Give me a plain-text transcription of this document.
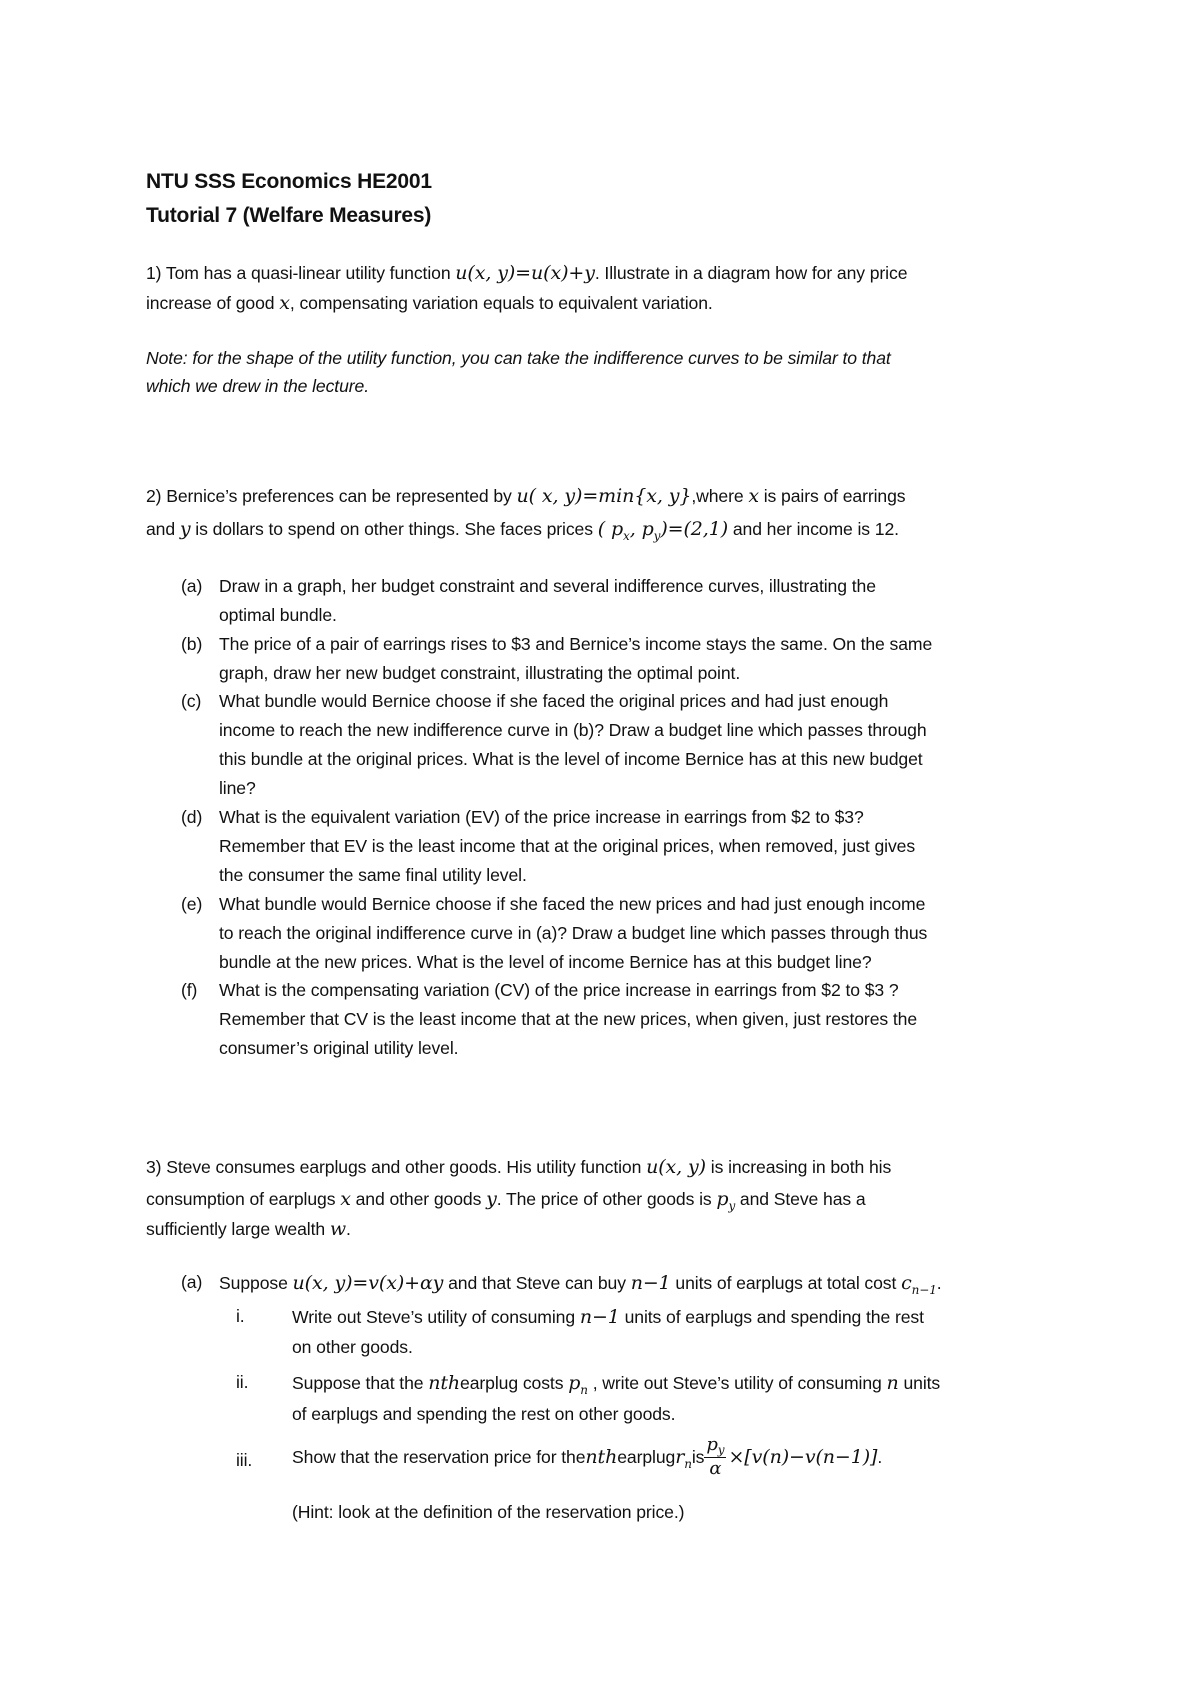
NTU SSS Economics HE2001
Tutorial 7 (Welfare Measures)
1) Tom has a quasi-linear utility function u(x, y)=u(x)+y. Illustrate in a diagram how for any price
increase of good x, compensating variation equals to equivalent variation.
Note: for the shape of the utility function, you can take the indifference curves to be similar to that
which we drew in the lecture.
2) Bernice’s preferences can be represented by u( x, y)=min{x, y},where x is pairs of earrings
and y is dollars to spend on other things. She faces prices ( $p_x$, $p_y)=(2,1)$ and her income is 12.
(a) Draw in a graph, her budget constraint and several indifference curves, illustrating the
optimal bundle.
(b) The price of a pair of earrings rises to $3 and Bernice’s income stays the same. On the same
graph, draw her new budget constraint, illustrating the optimal point.
(c) What bundle would Bernice choose if she faced the original prices and had just enough
income to reach the new indifference curve in (b)? Draw a budget line which passes through
this bundle at the original prices. What is the level of income Bernice has at this new budget
line?
(d) What is the equivalent variation (EV) of the price increase in earrings from $2 to $3?
Remember that EV is the least income that at the original prices, when removed, just gives
the consumer the same final utility level.
(e) What bundle would Bernice choose if she faced the new prices and had just enough income
to reach the original indifference curve in (a)? Draw a budget line which passes through thus
bundle at the new prices. What is the level of income Bernice has at this budget line?
(f) What is the compensating variation (CV) of the price increase in earrings from $2 to $3 ?
Remember that CV is the least income that at the new prices, when given, just restores the
consumer’s original utility level.
3) Steve consumes earplugs and other goods. His utility function u(x, y) is increasing in both his
consumption of earplugs x and other goods y. The price of other goods is $p_y$ and Steve has a
sufficiently large wealth w.
(a) Suppose u(x, y)=v(x)+αy and that Steve can buy n−1 units of earplugs at total cost $c_{n-1}$.
i.	Write out Steve’s utility of consuming n−1 units of earplugs and spending the rest
on other goods.
ii. Suppose that the nthearplug costs $p_n$ , write out Steve’s utility of consuming n units
of earplugs and spending the rest on other goods.
iii. Show that the reservation price for the nth earplug $r_n$ is $\frac{p_y}{\alpha} \times[v(n)-v(n-1)]$ .
(Hint: look at the definition of the reservation price.)
